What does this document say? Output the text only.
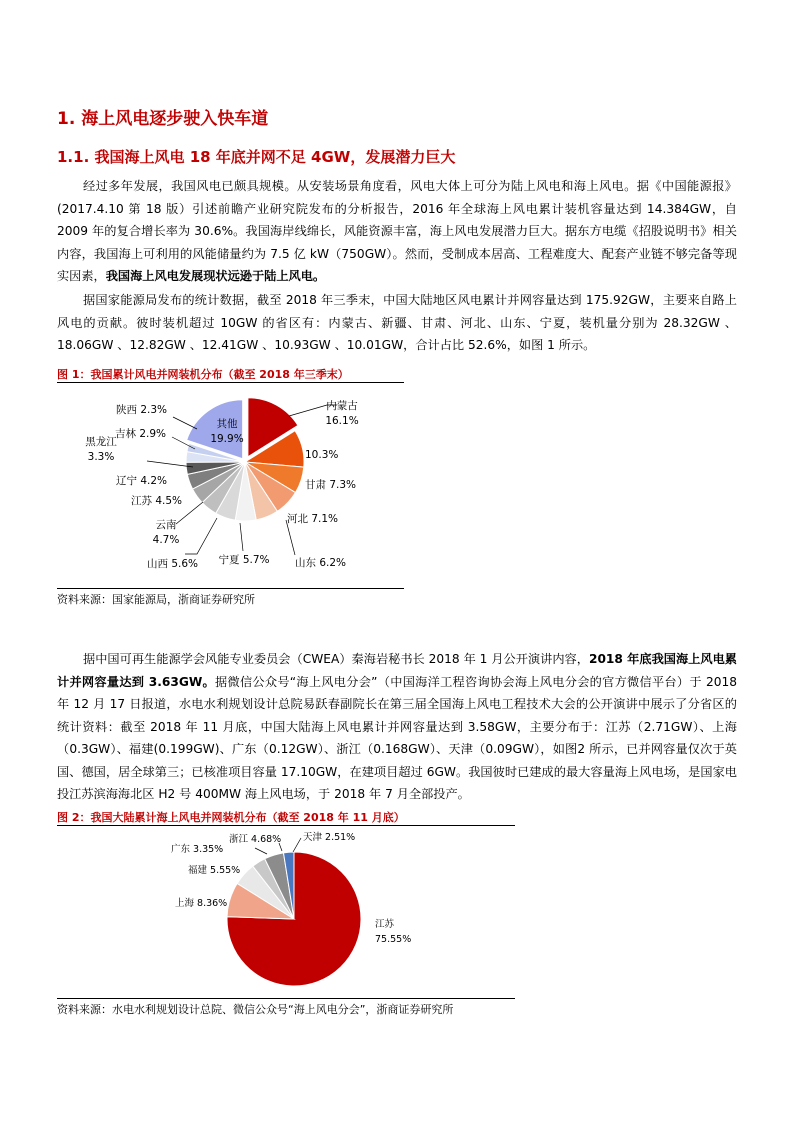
1. 海上风电逐步驶入快车道
1.1. 我国海上风电 18 年底并网不足 4GW，发展潜力巨大
经过多年发展，我国风电已颇具规模。从安装场景角度看，风电大体上可分为陆上风电和海上风电。据《中国能源报》(2017.4.10 第 18 版）引述前瞻产业研究院发布的分析报告，2016 年全球海上风电累计装机容量达到 14.384GW，自 2009 年的复合增长率为 30.6%。我国海岸线绵长，风能资源丰富，海上风电发展潜力巨大。据东方电缆《招股说明书》相关内容，我国海上可利用的风能储量约为 7.5 亿 kW（750GW）。然而，受制成本居高、工程难度大、配套产业链不够完备等现实因素，我国海上风电发展现状远逊于陆上风电。
据国家能源局发布的统计数据，截至 2018 年三季末，中国大陆地区风电累计并网容量达到 175.92GW，主要来自路上风电的贡献。彼时装机超过 10GW 的省区有：内蒙古、新疆、甘肃、河北、山东、宁夏，装机量分别为 28.32GW 、18.06GW 、12.82GW 、12.41GW 、10.93GW 、10.01GW，合计占比 52.6%，如图 1 所示。
图 1：我国累计风电并网装机分布（截至 2018 年三季末）
内蒙古
16.1%
10.3%
甘肃 7.3%
河北 7.1%
山东 6.2%
宁夏 5.7%
山西 5.6%
云南
4.7%
江苏 4.5%
辽宁 4.2%
黑龙江
3.3%
吉林 2.9%
陕西 2.3%
其他
19.9%
资料来源：国家能源局，浙商证券研究所
据中国可再生能源学会风能专业委员会（CWEA）秦海岩秘书长 2018 年 1 月公开演讲内容，2018 年底我国海上风电累计并网容量达到 3.63GW。据微信公众号“海上风电分会”（中国海洋工程咨询协会海上风电分会的官方微信平台）于 2018 年 12 月 17 日报道，水电水利规划设计总院易跃春副院长在第三届全国海上风电工程技术大会的公开演讲中展示了分省区的统计资料：截至 2018 年 11 月底，中国大陆海上风电累计并网容量达到 3.58GW，主要分布于：江苏（2.71GW）、上海（0.3GW）、福建(0.199GW)、广东（0.12GW）、浙江（0.168GW）、天津（0.09GW），如图2 所示，已并网容量仅次于英国、德国，居全球第三；已核准项目容量 17.10GW，在建项目超过 6GW。我国彼时已建成的最大容量海上风电场，是国家电投江苏滨海海北区 H2 号 400MW 海上风电场，于 2018 年 7 月全部投产。
图 2：我国大陆累计海上风电并网装机分布（截至 2018 年 11 月底）
江苏
75.55%
上海 8.36%
福建 5.55%
广东 3.35%
浙江 4.68% 天津 2.51%
资料来源：水电水利规划设计总院、微信公众号“海上风电分会”，浙商证券研究所
